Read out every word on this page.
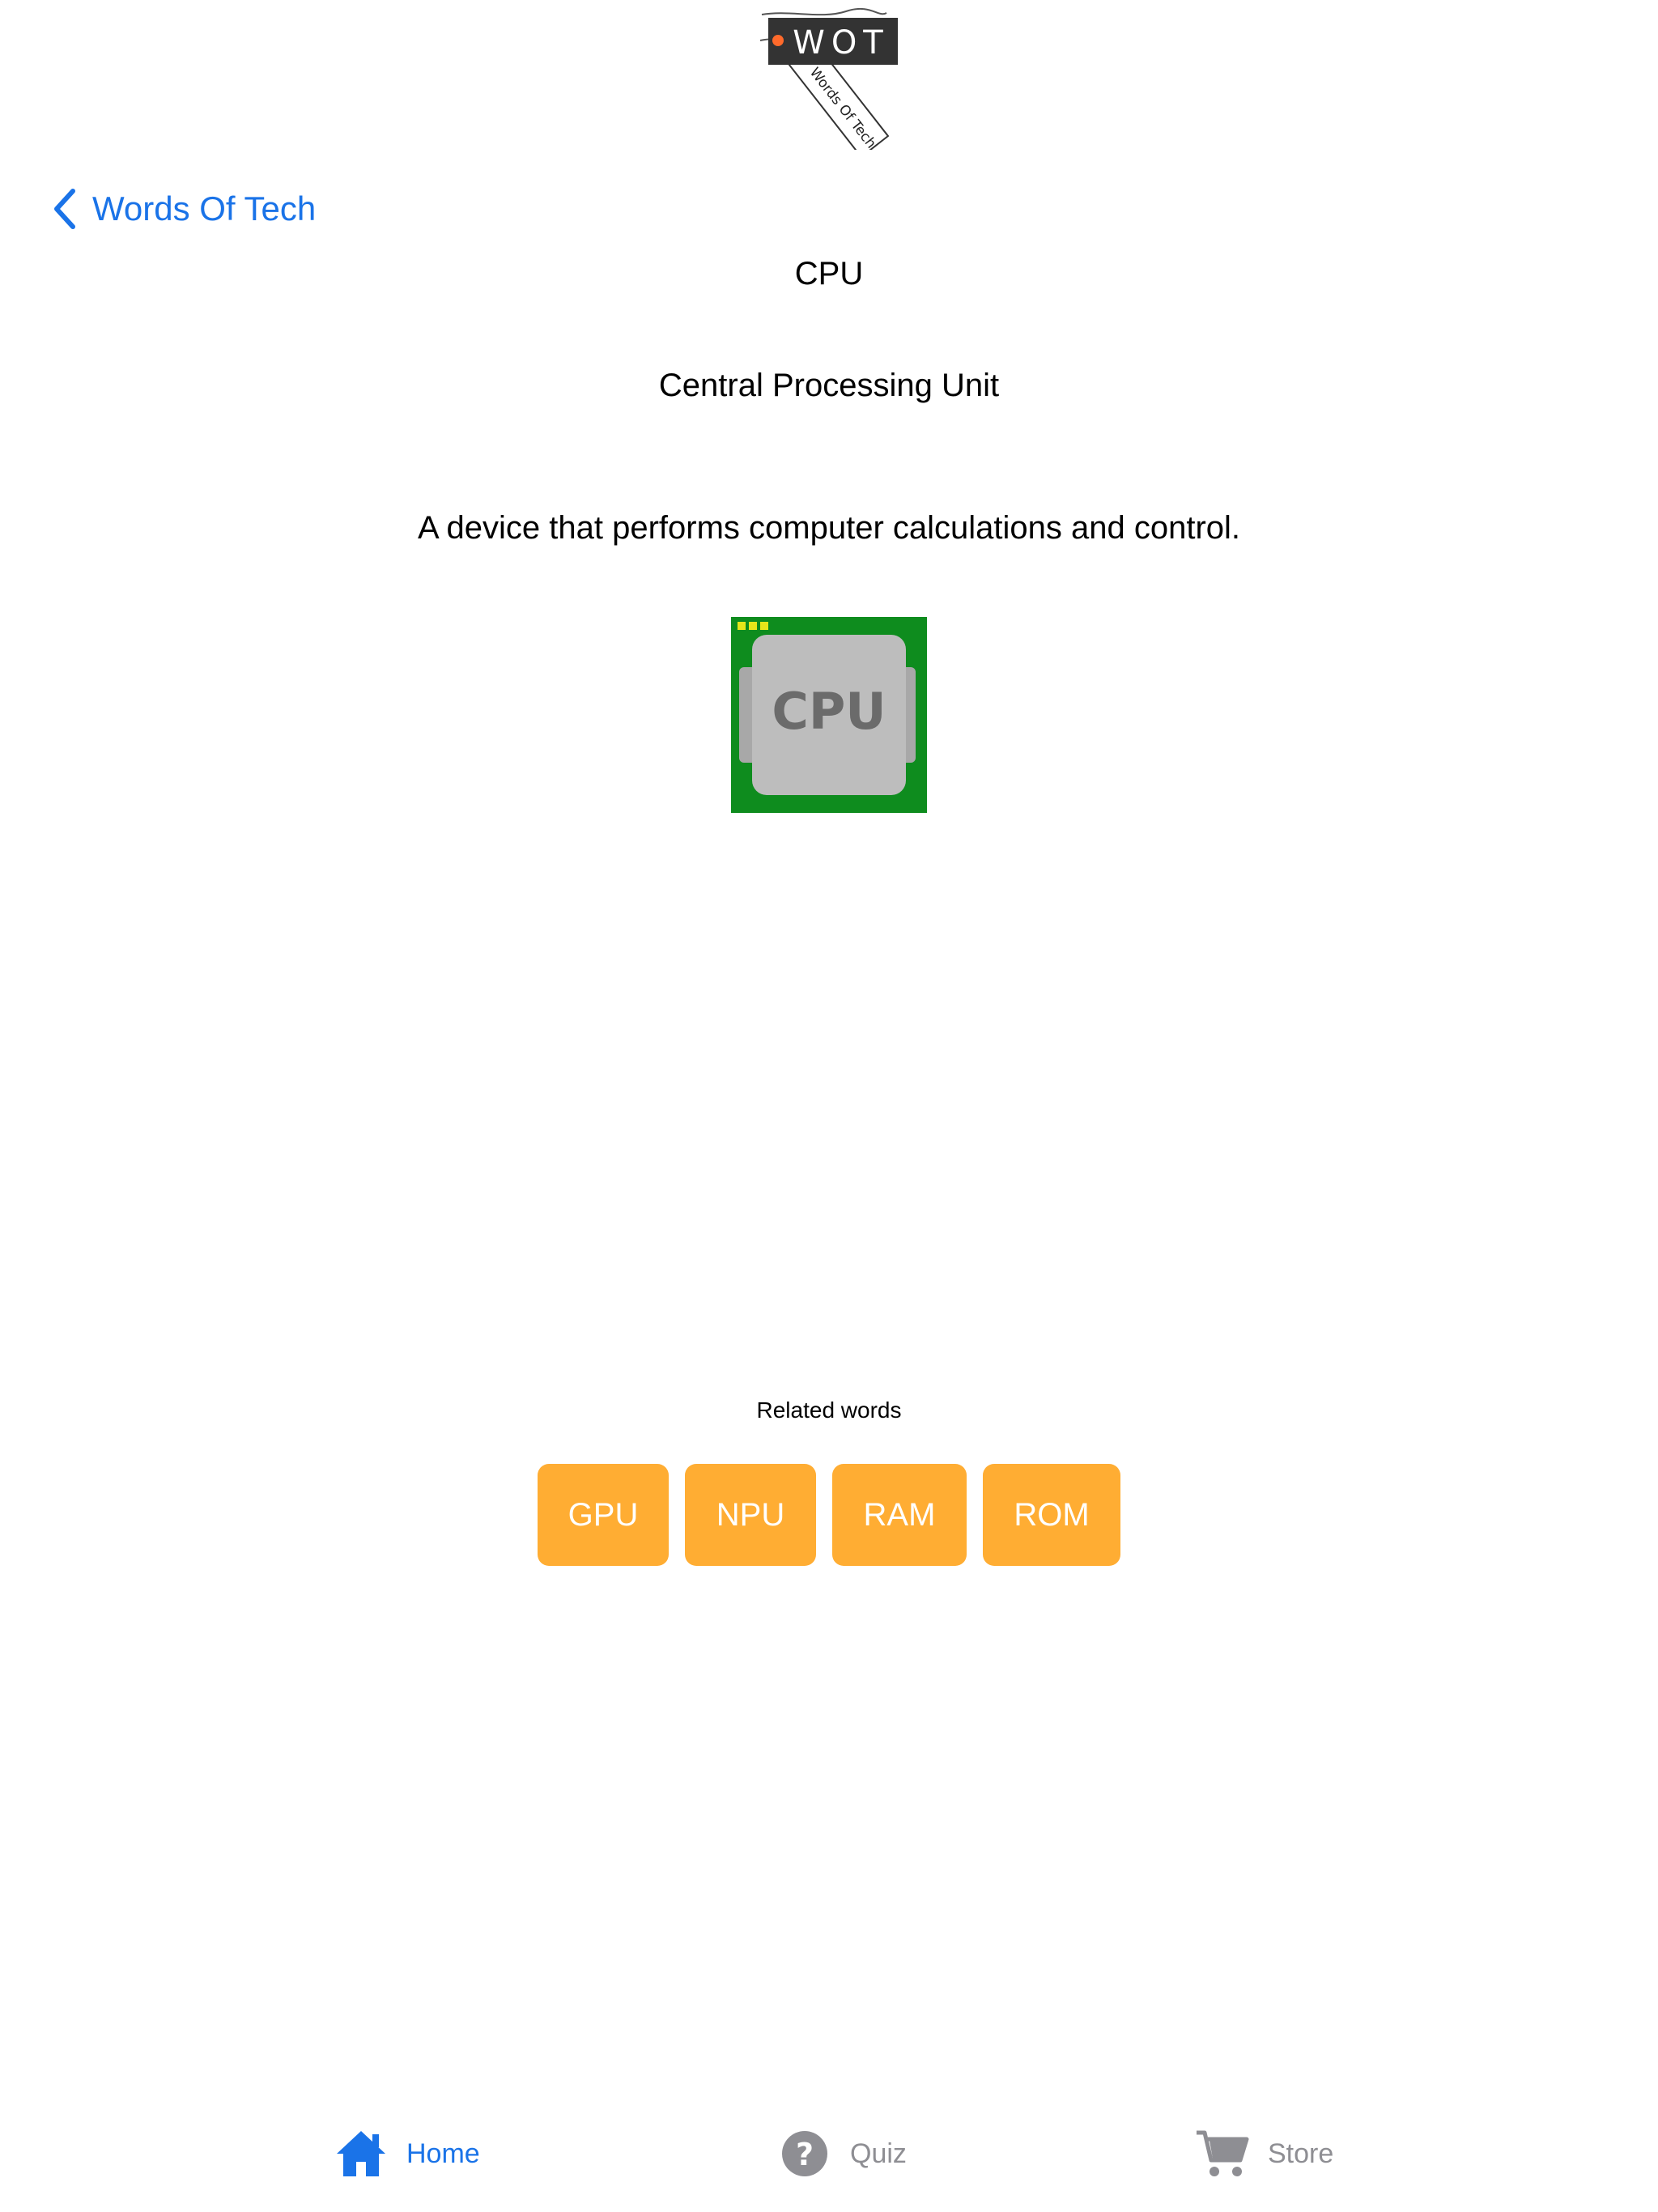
Words Of Tech
WOT
Words Of Tech
CPU
Central Processing Unit
A device that performs computer calculations and control.
CPU
Related words
GPU	NPU	RAM	ROM
Home	? Quiz	Store
